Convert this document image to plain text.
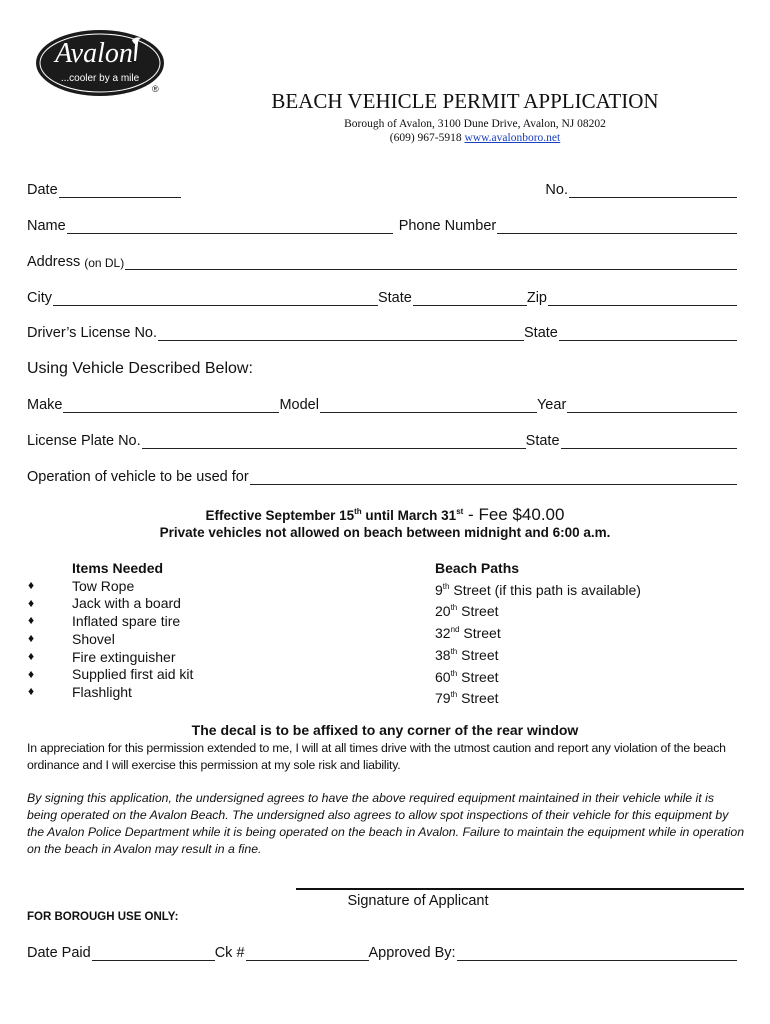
Avalon
...cooler by a mile
®	BEACH VEHICLE PERMIT APPLICATION
Borough of Avalon, 3100 Dune Drive, Avalon, NJ 08202
(609) 967-5918 www.avalonboro.net
Date	No.
Name	Phone Number
Address (on DL)
City	State	Zip
Driver’s License No.	State
Using Vehicle Described Below:
Make	Model	Year
License Plate No.	State
Operation of vehicle to be used for
Effective September 15th until March 31st - Fee $40.00
Private vehicles not allowed on beach between midnight and 6:00 a.m.
♦
♦
♦
♦
♦
♦
♦
Items Needed
Tow Rope
Jack with a board
Inflated spare tire
Shovel
Fire extinguisher
Supplied first aid kit
Flashlight
Beach Paths
9th Street (if this path is available)
20th Street
32nd Street
38th Street
60th Street
79th Street
The decal is to be affixed to any corner of the rear window
In appreciation for this permission extended to me, I will at all times drive with the utmost caution and report any violation of the beach ordinance and I will exercise this permission at my sole risk and liability.
By signing this application, the undersigned agrees to have the above required equipment maintained in their vehicle while it is being operated on the Avalon Beach. The undersigned also agrees to allow spot inspections of their vehicle for this equipment by the Avalon Police Department while it is being operated on the beach in Avalon. Failure to maintain the equipment while in operation on the beach in Avalon may result in a fine.
Signature of Applicant
FOR BOROUGH USE ONLY:
Date Paid	Ck #	Approved By:
